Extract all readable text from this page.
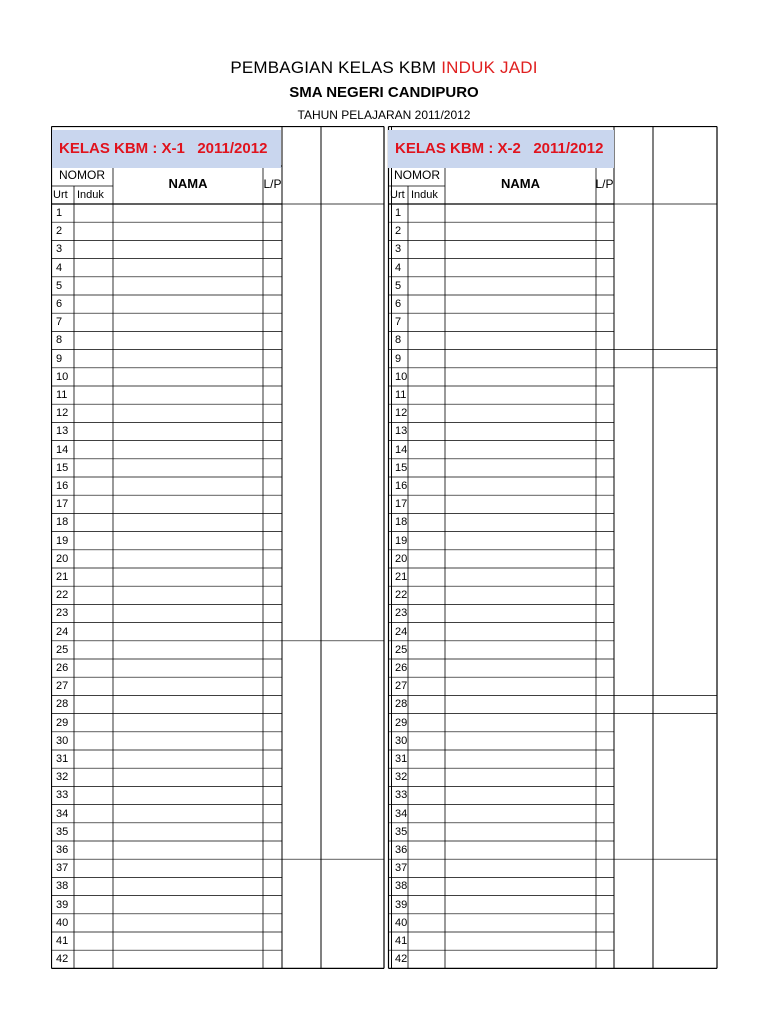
PEMBAGIAN KELAS KBM INDUK JADI
SMA NEGERI CANDIPURO
TAHUN PELAJARAN 2011/2012
KELAS KBM : X-1   2011/2012
NOMOR
Urt Induk
NAMA	L/P
1
2
3
4
5
6
7
8
9
10
11
12
13
14
15
16
17
18
19
20
21
22
23
24
25
26
27
28
29
30
31
32
33
34
35
36
37
38
39
40
41
42
KELAS KBM : X-2   2011/2012
NOMOR
Urt Induk
NAMA	L/P
1
2
3
4
5
6
7
8
9
10
11
12
13
14
15
16
17
18
19
20
21
22
23
24
25
26
27
28
29
30
31
32
33
34
35
36
37
38
39
40
41
42
